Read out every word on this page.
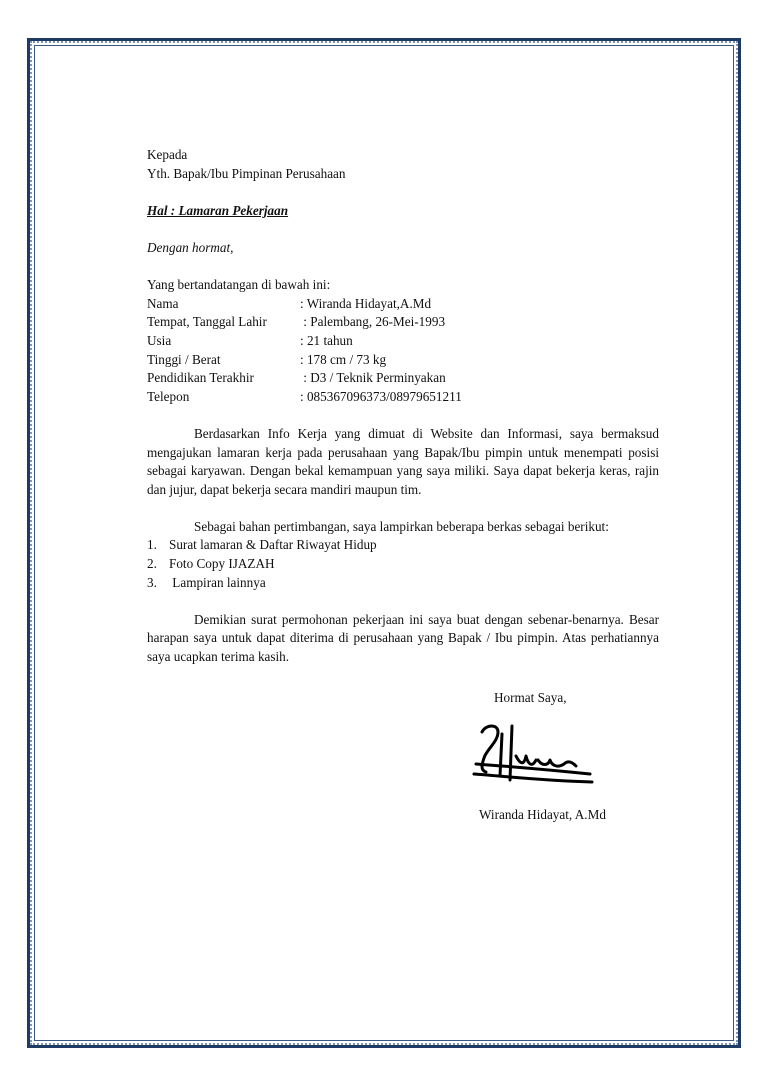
Kepada
Yth. Bapak/Ibu Pimpinan Perusahaan
Hal : Lamaran Pekerjaan
Dengan hormat,
Yang bertandatangan di bawah ini:
Nama	: Wiranda Hidayat,A.Md
Tempat, Tanggal Lahir	: Palembang, 26-Mei-1993
Usia	: 21 tahun
Tinggi / Berat	: 178 cm / 73 kg
Pendidikan Terakhir	: D3 / Teknik Perminyakan
Telepon	: 085367096373/08979651211

Berdasarkan Info Kerja yang dimuat di Website dan Informasi, saya bermaksud mengajukan lamaran kerja pada perusahaan yang Bapak/Ibu pimpin untuk menempati posisi sebagai karyawan. Dengan bekal kemampuan yang saya miliki. Saya dapat bekerja keras, rajin dan jujur, dapat bekerja secara mandiri maupun tim.

Sebagai bahan pertimbangan, saya lampirkan beberapa berkas sebagai berikut:

1. Surat lamaran & Daftar Riwayat Hidup
2. Foto Copy IJAZAH
3. Lampiran lainnya

Demikian surat permohonan pekerjaan ini saya buat dengan sebenar-benarnya. Besar harapan saya untuk dapat diterima di perusahaan yang Bapak / Ibu pimpin. Atas perhatiannya saya ucapkan terima kasih.

Hormat Saya,
Wiranda Hidayat, A.Md
